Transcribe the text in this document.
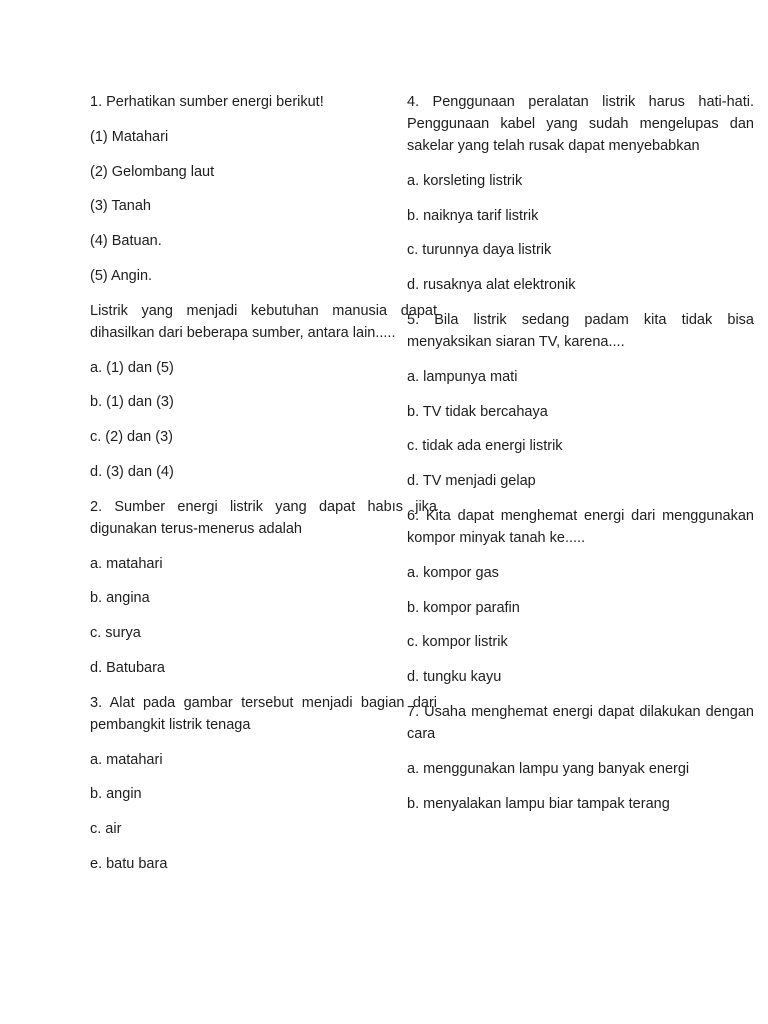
1. Perhatikan sumber energi berikut!

(1) Matahari

(2) Gelombang laut

(3) Tanah

(4) Batuan.

(5) Angin.

Listrik yang menjadi kebutuhan manusia dapat dihasilkan dari beberapa sumber, antara lain.....

a. (1) dan (5)

b. (1) dan (3)

c. (2) dan (3)

d. (3) dan (4)

2. Sumber energi listrik yang dapat habıs jika digunakan terus-menerus adalah

a. matahari

b. angina

c. surya

d. Batubara

3. Alat pada gambar tersebut menjadi bagian dari pembangkit listrik tenaga

a. matahari

b. angin

c. air

e. batu bara

4. Penggunaan peralatan listrik harus hati-hati. Penggunaan kabel yang sudah mengelupas dan sakelar yang telah rusak dapat menyebabkan

a. korsleting listrik

b. naiknya tarif listrik

c. turunnya daya listrik

d. rusaknya alat elektronik

5. Bila listrik sedang padam kita tidak bisa menyaksikan siaran TV, karena....

a. lampunya mati

b. TV tidak bercahaya

c. tidak ada energi listrik

d. TV menjadi gelap

6. Kita dapat menghemat energi dari menggunakan kompor minyak tanah ke.....

a. kompor gas

b. kompor parafin

c. kompor listrik

d. tungku kayu

7. Usaha menghemat energi dapat dilakukan dengan cara

a. menggunakan lampu yang banyak energi

b. menyalakan lampu biar tampak terang
